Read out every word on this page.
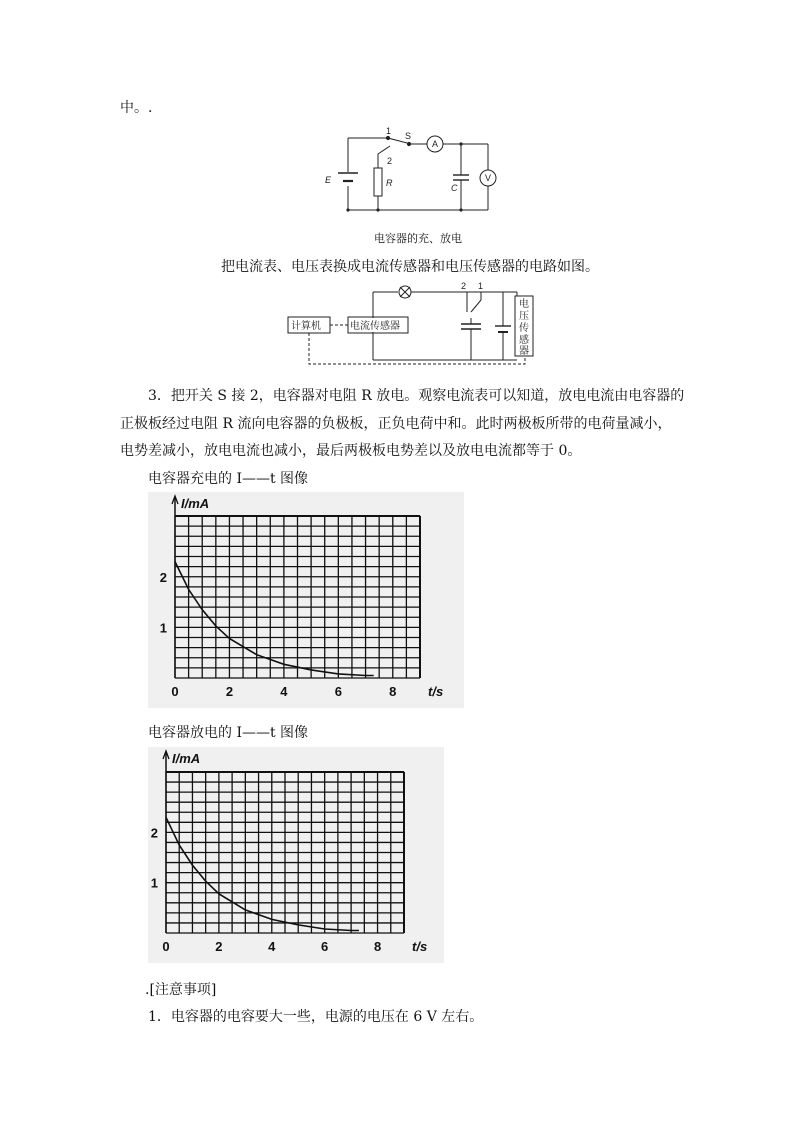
中。.
1 S
2
A
V
E	R	C
电容器的充、放电
把电流表、电压表换成电流传感器和电压传感器的电路如图。
计算机	电流传感器
2 1
电
压
传
感
器
3．把开关 S 接 2，电容器对电阻 R 放电。观察电流表可以知道，放电电流由电容器的
正极板经过电阻 R 流向电容器的负极板，正负电荷中和。此时两极板所带的电荷量减小，
电势差减小，放电电流也减小，最后两极板电势差以及放电电流都等于 0。
电容器充电的 I——t 图像
I/mA
t/s
0	2	4	6	8
1
2
电容器放电的 I——t 图像
I/mA
t/s
0	2	4	6	8
1
2
.[注意事项]
1．电容器的电容要大一些，电源的电压在 6 V 左右。
